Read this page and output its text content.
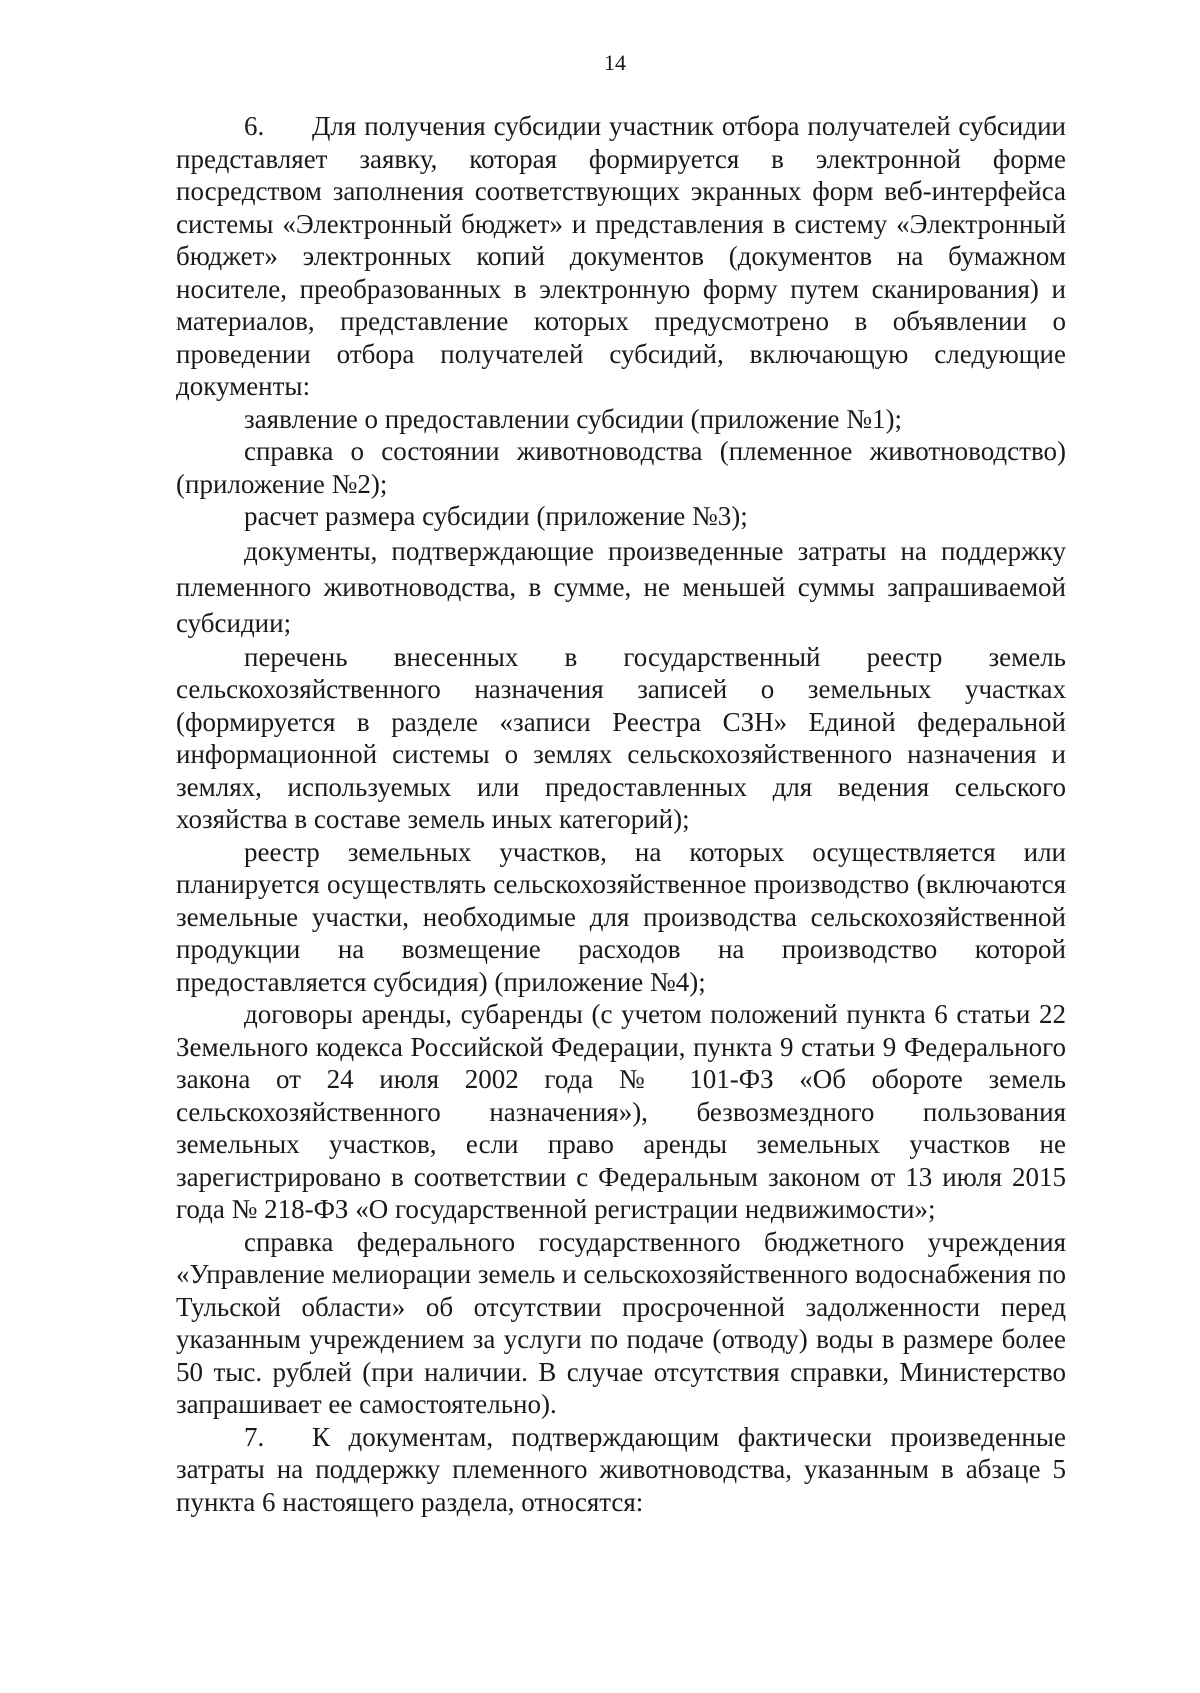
14

6. Для получения субсидии участник отбора получателей субсидии представляет заявку, которая формируется в электронной форме посредством заполнения соответствующих экранных форм веб-интерфейса системы «Электронный бюджет» и представления в систему «Электронный бюджет» электронных копий документов (документов на бумажном носителе, преобразованных в электронную форму путем сканирования) и материалов, представление которых предусмотрено в объявлении о проведении отбора получателей субсидий, включающую следующие документы:

заявление о предоставлении субсидии (приложение №1);

справка о состоянии животноводства (племенное животноводство) (приложение №2);

расчет размера субсидии (приложение №3);

документы, подтверждающие произведенные затраты на поддержку племенного животноводства, в сумме, не меньшей суммы запрашиваемой субсидии;

перечень внесенных в государственный реестр земель сельскохозяйственного назначения записей о земельных участках (формируется в разделе «записи Реестра СЗН» Единой федеральной информационной системы о землях сельскохозяйственного назначения и землях, используемых или предоставленных для ведения сельского хозяйства в составе земель иных категорий);

реестр земельных участков, на которых осуществляется или планируется осуществлять сельскохозяйственное производство (включаются земельные участки, необходимые для производства сельскохозяйственной продукции на возмещение расходов на производство которой предоставляется субсидия) (приложение №4);

договоры аренды, субаренды (с учетом положений пункта 6 статьи 22 Земельного кодекса Российской Федерации, пункта 9 статьи 9 Федерального закона от 24 июля 2002 года № 101-ФЗ «Об обороте земель сельскохозяйственного назначения»), безвозмездного пользования земельных участков, если право аренды земельных участков не зарегистрировано в соответствии с Федеральным законом от 13 июля 2015 года № 218-ФЗ «О государственной регистрации недвижимости»;

справка федерального государственного бюджетного учреждения «Управление мелиорации земель и сельскохозяйственного водоснабжения по Тульской области» об отсутствии просроченной задолженности перед указанным учреждением за услуги по подаче (отводу) воды в размере более 50 тыс. рублей (при наличии. В случае отсутствия справки, Министерство запрашивает ее самостоятельно).

7. К документам, подтверждающим фактически произведенные затраты на поддержку племенного животноводства, указанным в абзаце 5 пункта 6 настоящего раздела, относятся:
